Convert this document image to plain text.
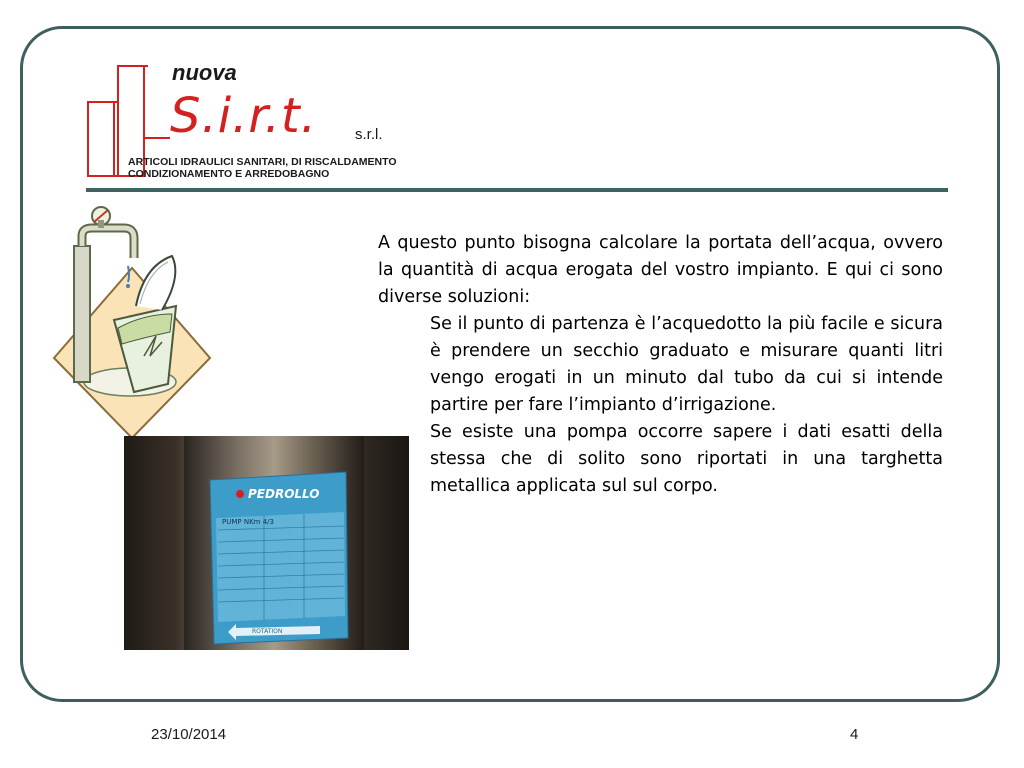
nuova
S.i.r.t.	s.r.l.
ARTICOLI IDRAULICI SANITARI, DI RISCALDAMENTO
CONDIZIONAMENTO E ARREDOBAGNO
PEDROLLO
PUMP NKm 4/3
ROTATION

A questo punto bisogna calcolare la portata dell’acqua, ovvero la quantità di acqua erogata del vostro impianto. E qui ci sono diverse soluzioni:

Se il punto di partenza è l’acquedotto la più facile e sicura è prendere un secchio graduato e misurare quanti litri vengo erogati in un minuto dal tubo da cui si intende partire per fare l’impianto d’irrigazione.

Se esiste una pompa occorre sapere i dati esatti della stessa che di solito sono riportati in una targhetta metallica applicata sul sul corpo.

23/10/2014	4
